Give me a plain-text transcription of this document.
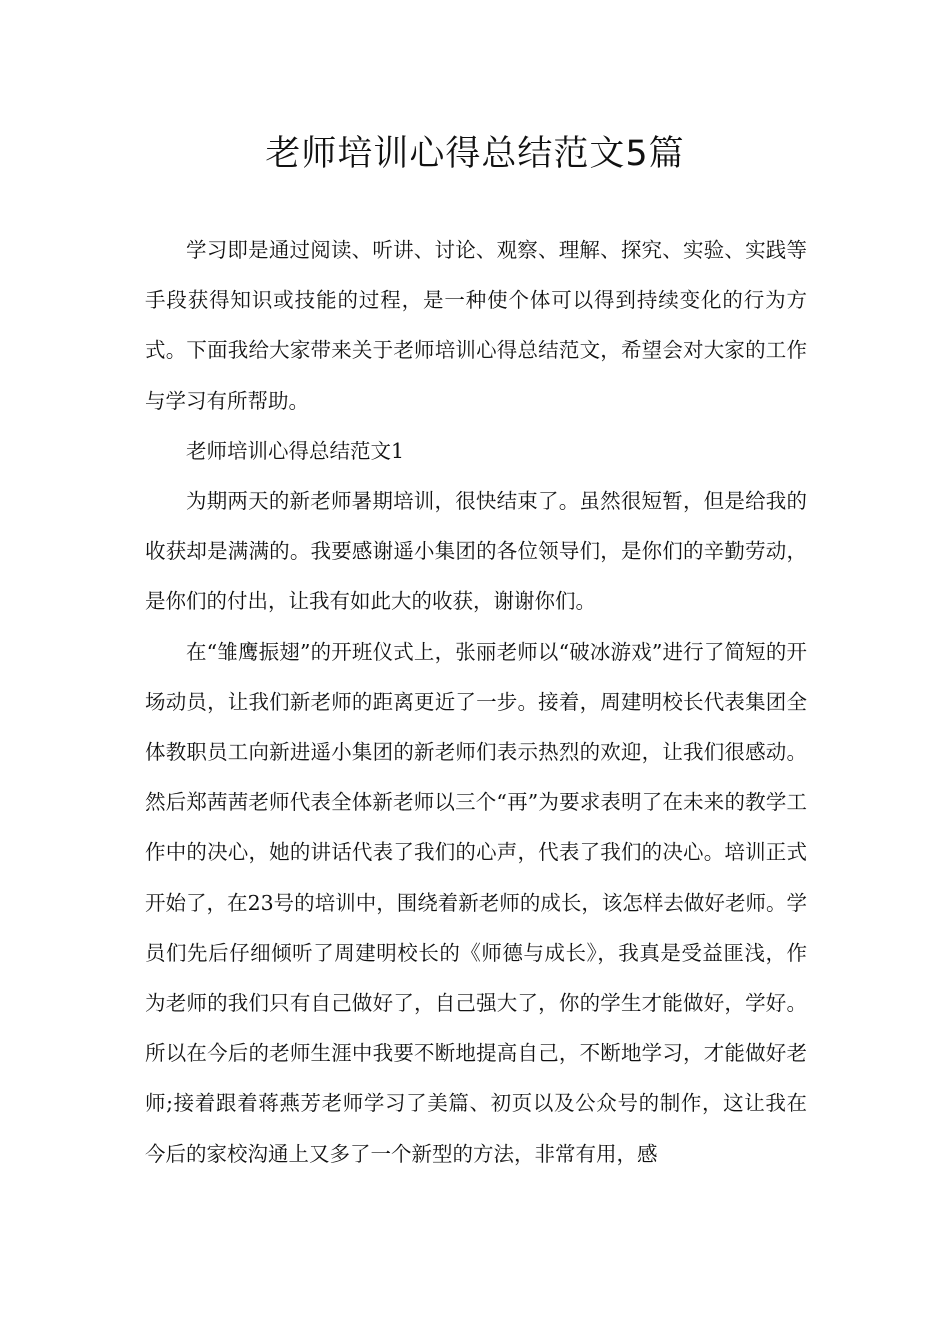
老师培训心得总结范文5篇

学习即是通过阅读、听讲、讨论、观察、理解、探究、实验、实践等手段获得知识或技能的过程，是一种使个体可以得到持续变化的行为方式。下面我给大家带来关于老师培训心得总结范文，希望会对大家的工作与学习有所帮助。

老师培训心得总结范文1

为期两天的新老师暑期培训，很快结束了。虽然很短暂，但是给我的收获却是满满的。我要感谢遥小集团的各位领导们，是你们的辛勤劳动，是你们的付出，让我有如此大的收获，谢谢你们。

在“雏鹰振翅”的开班仪式上，张丽老师以“破冰游戏”进行了简短的开场动员，让我们新老师的距离更近了一步。接着，周建明校长代表集团全体教职员工向新进遥小集团的新老师们表示热烈的欢迎，让我们很感动。然后郑茜茜老师代表全体新老师以三个“再”为要求表明了在未来的教学工作中的决心，她的讲话代表了我们的心声，代表了我们的决心。培训正式开始了，在23号的培训中，围绕着新老师的成长，该怎样去做好老师。学员们先后仔细倾听了周建明校长的《师德与成长》，我真是受益匪浅，作为老师的我们只有自己做好了，自己强大了，你的学生才能做好，学好。所以在今后的老师生涯中我要不断地提高自己，不断地学习，才能做好老师;接着跟着蒋燕芳老师学习了美篇、初页以及公众号的制作，这让我在今后的家校沟通上又多了一个新型的方法，非常有用，感
